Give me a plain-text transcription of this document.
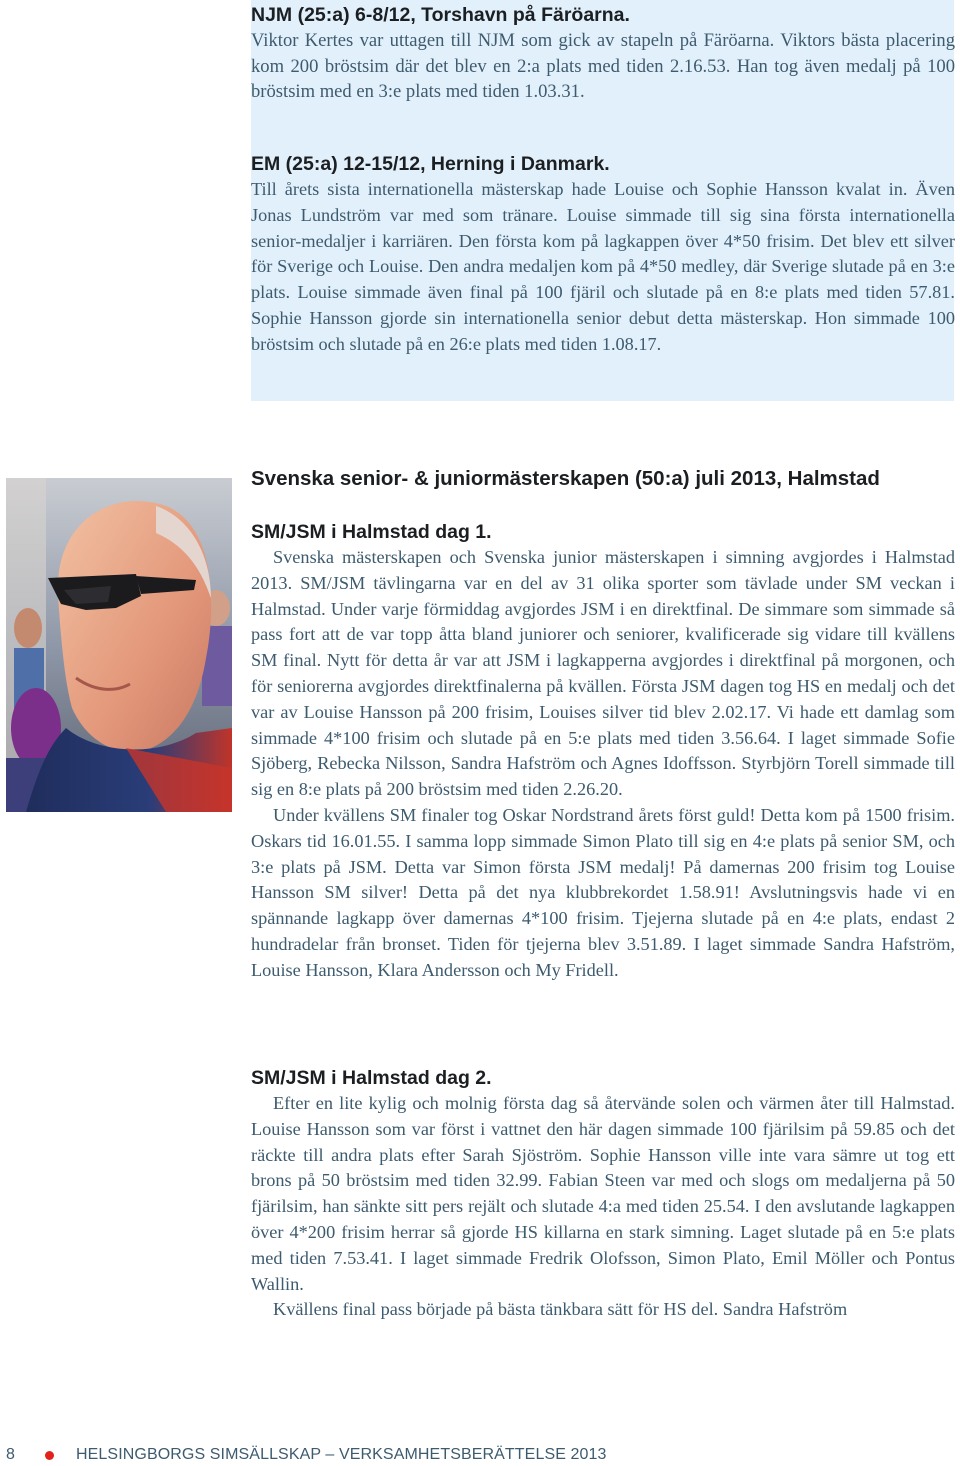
NJM (25:a) 6-8/12, Torshavn på Färöarna.

Viktor Kertes var uttagen till NJM som gick av stapeln på Färöarna. Viktors bästa placering kom 200 bröstsim där det blev en 2:a plats med tiden 2.16.53. Han tog även medalj på 100 bröstsim med en 3:e plats med tiden 1.03.31.

EM (25:a) 12-15/12, Herning i Danmark.

Till årets sista internationella mästerskap hade Louise och Sophie Hansson kvalat in. Även Jonas Lundström var med som tränare. Louise simmade till sig sina första internationella senior-medaljer i karriären. Den första kom på lagkappen över 4*50 frisim. Det blev ett silver för Sverige och Louise. Den andra medaljen kom på 4*50 medley, där Sverige slutade på en 3:e plats. Louise simmade även final på 100 fjäril och slutade på en 8:e plats med tiden 57.81. Sophie Hansson gjorde sin internationella senior debut detta mästerskap. Hon simmade 100 bröstsim och slutade på en 26:e plats med tiden 1.08.17.

Svenska senior- & juniormästerskapen (50:a) juli 2013, Halmstad
SM/JSM i Halmstad dag 1.

Svenska mästerskapen och Svenska junior mästerskapen i simning avgjordes i Halmstad 2013. SM/JSM tävlingarna var en del av 31 olika sporter som tävlade under SM veckan i Halmstad. Under varje förmiddag avgjordes JSM i en direktfinal. De simmare som simmade så pass fort att de var topp åtta bland juniorer och seniorer, kvalificerade sig vidare till kvällens SM final. Nytt för detta år var att JSM i lagkapperna avgjordes i direktfinal på morgonen, och för seniorerna avgjordes direktfinalerna på kvällen. Första JSM dagen tog HS en medalj och det var av Louise Hansson på 200 frisim, Louises silver tid blev 2.02.17. Vi hade ett damlag som simmade 4*100 frisim och slutade på en 5:e plats med tiden 3.56.64. I laget simmade Sofie Sjöberg, Rebecka Nilsson, Sandra Hafström och Agnes Idoffsson. Styrbjörn Torell simmade till sig en 8:e plats på 200 bröstsim med tiden 2.26.20.

Under kvällens SM finaler tog Oskar Nordstrand årets först guld! Detta kom på 1500 frisim. Oskars tid 16.01.55. I samma lopp simmade Simon Plato till sig en 4:e plats på senior SM, och 3:e plats på JSM. Detta var Simon första JSM medalj! På damernas 200 frisim tog Louise Hansson SM silver! Detta på det nya klubbrekordet 1.58.91! Avslutningsvis hade vi en spännande lagkapp över damernas 4*100 frisim. Tjejerna slutade på en 4:e plats, endast 2 hundradelar från bronset. Tiden för tjejerna blev 3.51.89. I laget simmade Sandra Hafström, Louise Hansson, Klara Andersson och My Fridell.

SM/JSM i Halmstad dag 2.

Efter en lite kylig och molnig första dag så återvände solen och värmen åter till Halmstad. Louise Hansson som var först i vattnet den här dagen simmade 100 fjärilsim på 59.85 och det räckte till andra plats efter Sarah Sjöström. Sophie Hansson ville inte vara sämre ut tog ett brons på 50 bröstsim med tiden 32.99. Fabian Steen var med och slogs om medaljerna på 50 fjärilsim, han sänkte sitt pers rejält och slutade 4:a med tiden 25.54. I den avslutande lagkappen över 4*200 frisim herrar så gjorde HS killarna en stark simning. Laget slutade på en 5:e plats med tiden 7.53.41. I laget simmade Fredrik Olofsson, Simon Plato, Emil Möller och Pontus Wallin.

Kvällens final pass började på bästa tänkbara sätt för HS del. Sandra Hafström

8	HELSINGBORGS SIMSÄLLSKAP – VERKSAMHETSBERÄTTELSE 2013
